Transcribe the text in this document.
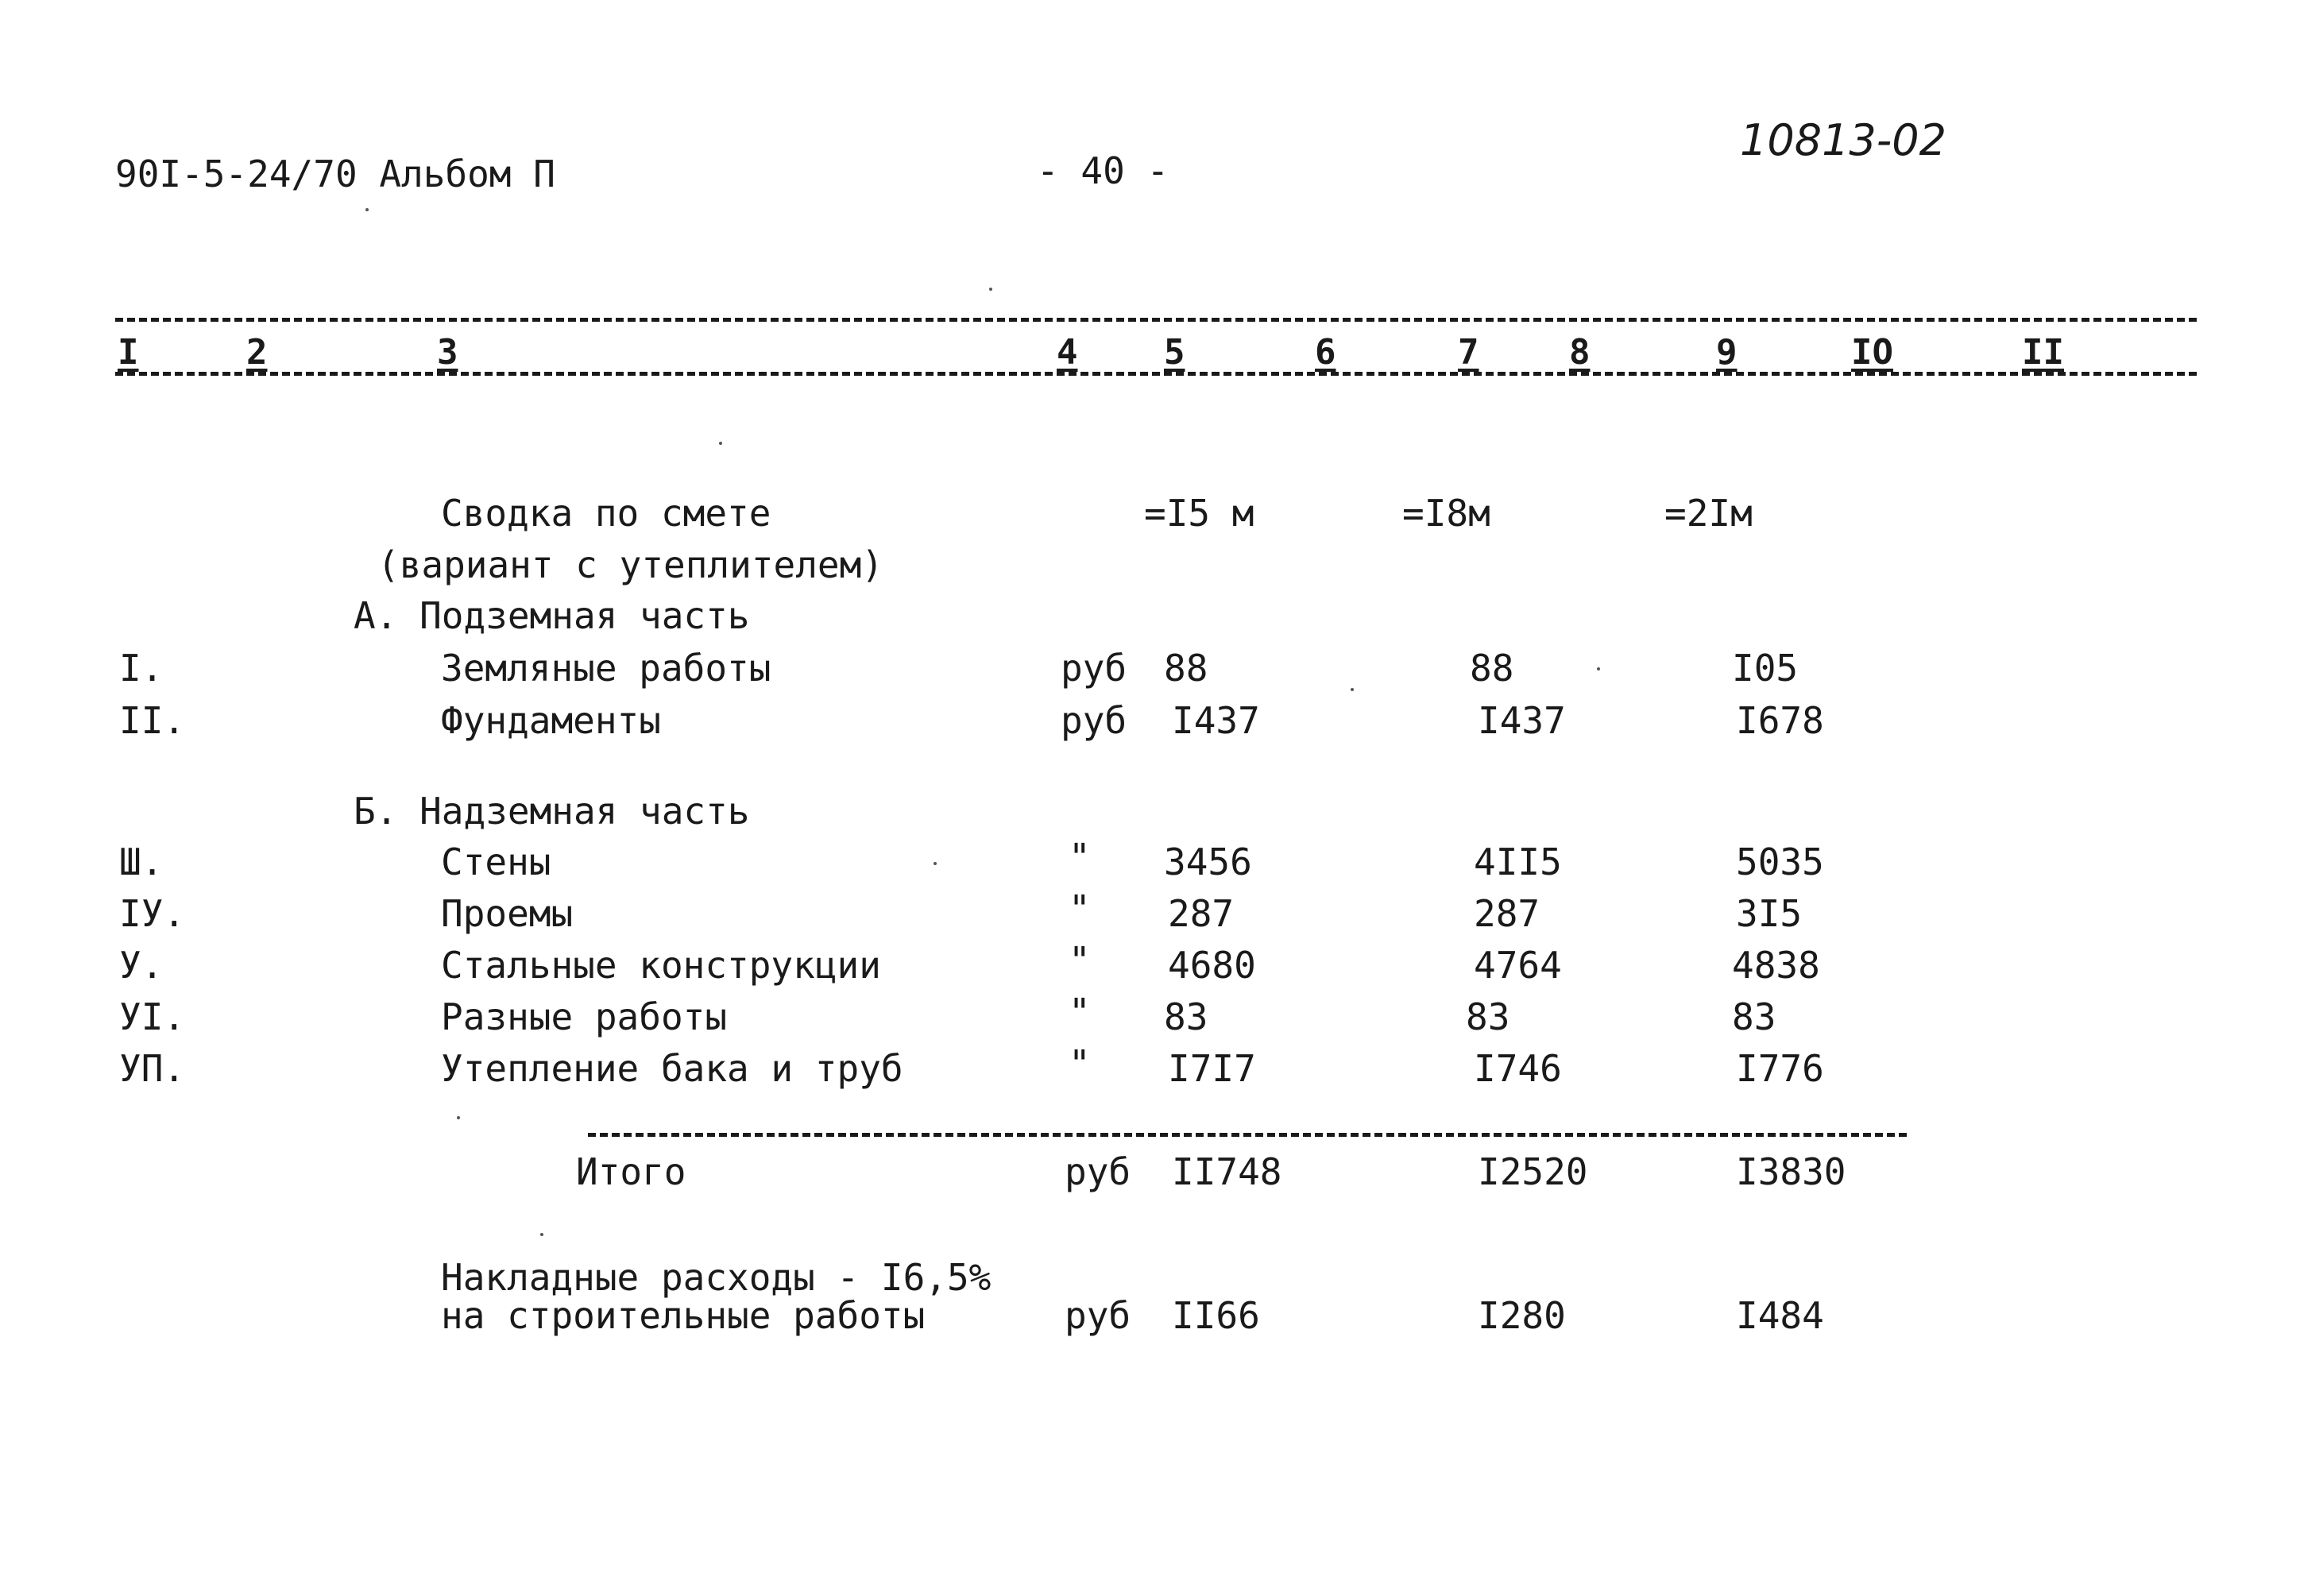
90I-5-24/70 Альбом П	- 40 -
10813-02
I	2	3	4 5	6	7	8	9	IO	II
Сводка по смете
(вариант с утеплителем)
=I5 м	=I8м	=2Iм
А. Подземная часть
I.	Земляные работы	руб 88	88	I05
II.	Фундаменты	руб I437	I437	I678
Б. Надземная часть
Ш.	Стены	" 3456	4II5	5035
IУ.	Проемы	" 287	287	3I5
У.	Стальные конструкции	" 4680	4764	4838
УI.	Разные работы	" 83	83	83
УП.	Утепление бака и труб	" I7I7	I746	I776
Итого	руб II748	I2520	I3830
Накладные расходы - I6,5%
на строительные работы	руб II66	I280	I484
